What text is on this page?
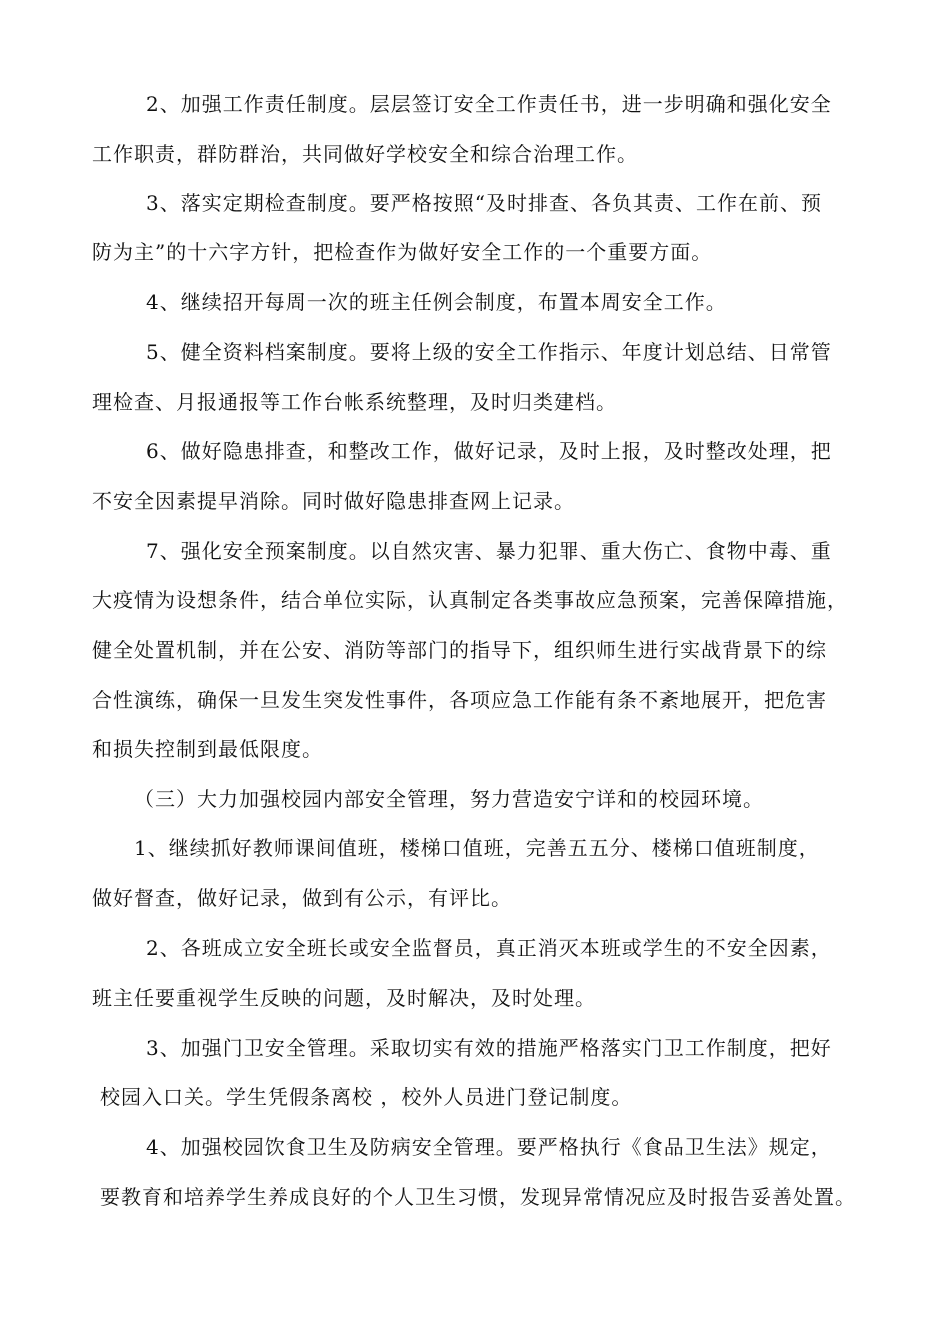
2、加强工作责任制度。层层签订安全工作责任书，进一步明确和强化安全
工作职责，群防群治，共同做好学校安全和综合治理工作。
3、落实定期检查制度。要严格按照“及时排查、各负其责、工作在前、预
防为主”的十六字方针，把检查作为做好安全工作的一个重要方面。
4、继续招开每周一次的班主任例会制度，布置本周安全工作。
5、健全资料档案制度。要将上级的安全工作指示、年度计划总结、日常管
理检查、月报通报等工作台帐系统整理，及时归类建档。
6、做好隐患排查，和整改工作，做好记录，及时上报，及时整改处理，把
不安全因素提早消除。同时做好隐患排查网上记录。
7、强化安全预案制度。以自然灾害、暴力犯罪、重大伤亡、食物中毒、重
大疫情为设想条件，结合单位实际，认真制定各类事故应急预案，完善保障措施，
健全处置机制，并在公安、消防等部门的指导下，组织师生进行实战背景下的综
合性演练，确保一旦发生突发性事件，各项应急工作能有条不紊地展开，把危害
和损失控制到最低限度。
（三）大力加强校园内部安全管理，努力营造安宁详和的校园环境。
1、继续抓好教师课间值班，楼梯口值班，完善五五分、楼梯口值班制度，
做好督查，做好记录，做到有公示，有评比。
2、各班成立安全班长或安全监督员，真正消灭本班或学生的不安全因素，
班主任要重视学生反映的问题，及时解决，及时处理。
3、加强门卫安全管理。采取切实有效的措施严格落实门卫工作制度，把好
校园入口关。学生凭假条离校 ，校外人员进门登记制度。
4、加强校园饮食卫生及防病安全管理。要严格执行《食品卫生法》规定，
要教育和培养学生养成良好的个人卫生习惯，发现异常情况应及时报告妥善处置。
